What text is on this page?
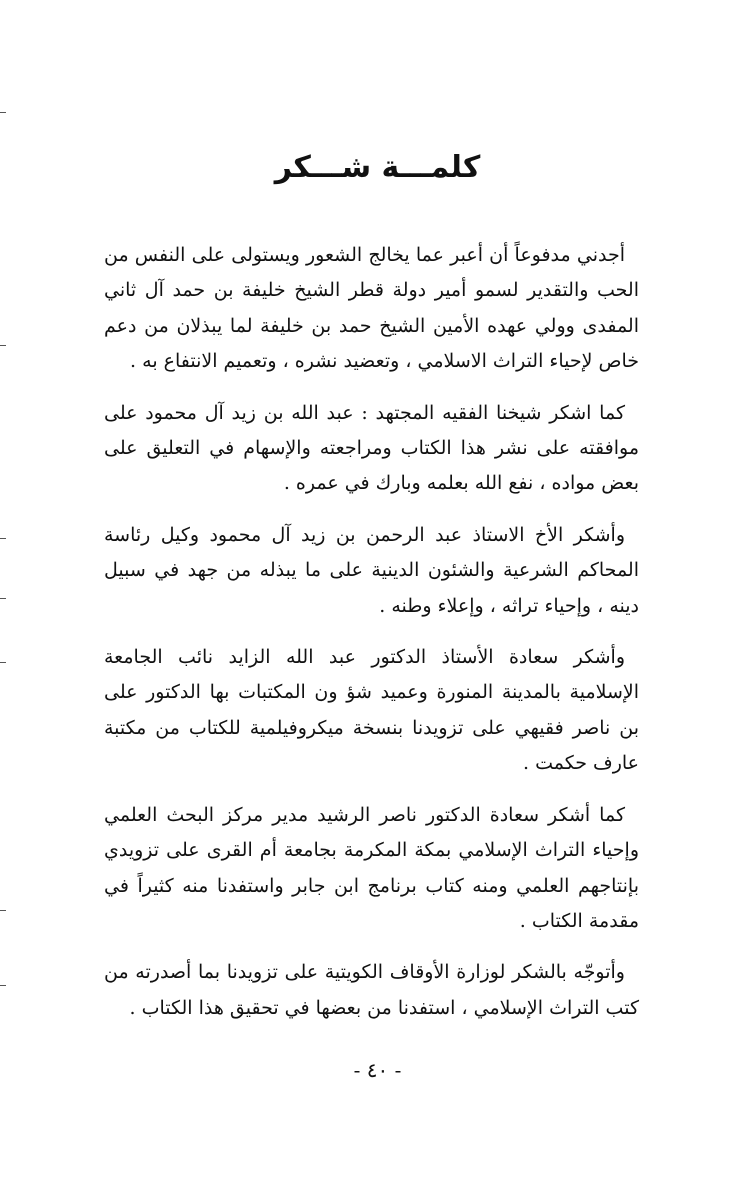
كلمـــة شـــكر

أجدني مدفوعاً أن أعبر عما يخالج الشعور ويستولى على النفس من الحب والتقدير لسمو أمير دولة قطر الشيخ خليفة بن حمد آل ثاني المفدى وولي عهده الأمين الشيخ حمد بن خليفة لما يبذلان من دعم خاص لإحياء التراث الاسلامي ، وتعضيد نشره ، وتعميم الانتفاع به .

كما اشكر شيخنا الفقيه المجتهد : عبد الله بن زيد آل محمود على موافقته على نشر هذا الكتاب ومراجعته والإسهام في التعليق على بعض مواده ، نفع الله بعلمه وبارك في عمره .

وأشكر الأخ الاستاذ عبد الرحمن بن زيد آل محمود وكيل رئاسة المحاكم الشرعية والشئون الدينية على ما يبذله من جهد في سبيل دينه ، وإحياء تراثه ، وإعلاء وطنه .

وأشكر سعادة الأستاذ الدكتور عبد الله الزايد نائب الجامعة الإسلامية بالمدينة المنورة وعميد شؤ ون المكتبات بها الدكتور على بن ناصر فقيهي على تزويدنا بنسخة ميكروفيلمية للكتاب من مكتبة عارف حكمت .

كما أشكر سعادة الدكتور ناصر الرشيد مدير مركز البحث العلمي وإحياء التراث الإسلامي بمكة المكرمة بجامعة أم القرى على تزويدي بإنتاجهم العلمي ومنه كتاب برنامج ابن جابر واستفدنا منه كثيراً في مقدمة الكتاب .

وأتوجّه بالشكر لوزارة الأوقاف الكويتية على تزويدنا بما أصدرته من كتب التراث الإسلامي ، استفدنا من بعضها في تحقيق هذا الكتاب .

- ٤٠ -
